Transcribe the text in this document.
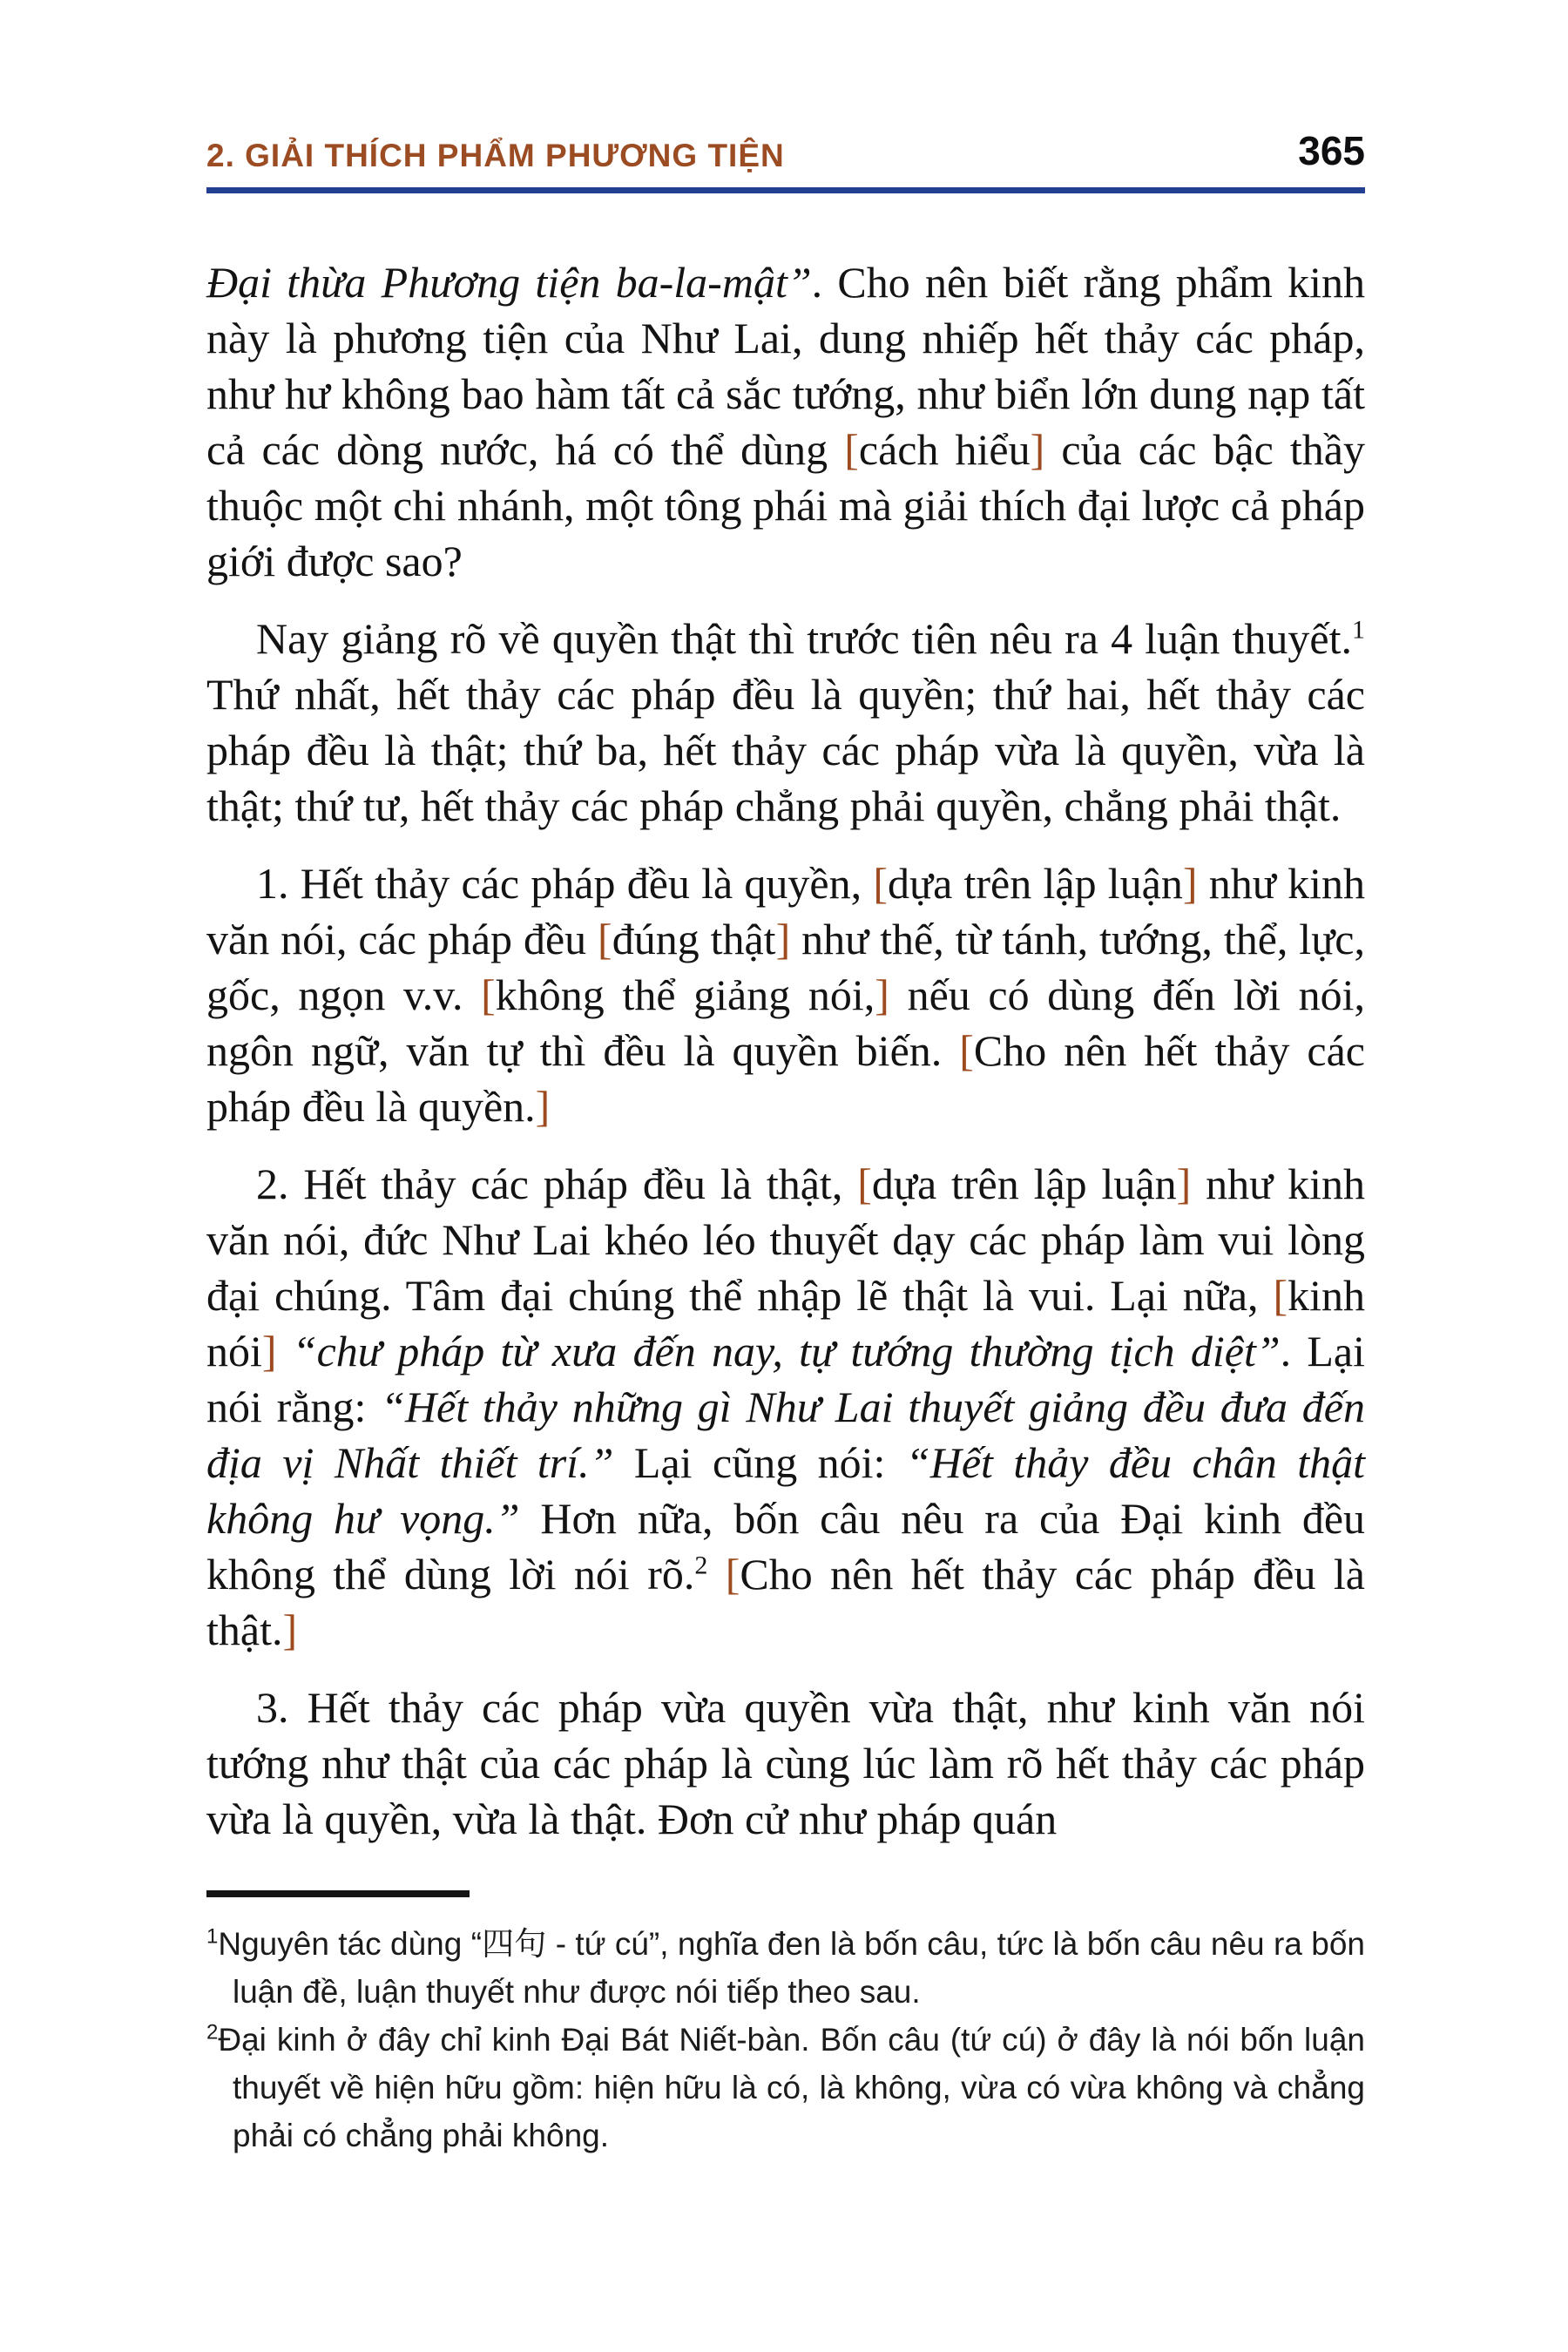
2. GIẢI THÍCH PHẨM PHƯƠNG TIỆN	365

Đại thừa Phương tiện ba-la-mật”. Cho nên biết rằng phẩm kinh này là phương tiện của Như Lai, dung nhiếp hết thảy các pháp, như hư không bao hàm tất cả sắc tướng, như biển lớn dung nạp tất cả các dòng nước, há có thể dùng [cách hiểu] của các bậc thầy thuộc một chi nhánh, một tông phái mà giải thích đại lược cả pháp giới được sao?

Nay giảng rõ về quyền thật thì trước tiên nêu ra 4 luận thuyết.$^1$ Thứ nhất, hết thảy các pháp đều là quyền; thứ hai, hết thảy các pháp đều là thật; thứ ba, hết thảy các pháp vừa là quyền, vừa là thật; thứ tư, hết thảy các pháp chẳng phải quyền, chẳng phải thật.

1. Hết thảy các pháp đều là quyền, [dựa trên lập luận] như kinh văn nói, các pháp đều [đúng thật] như thế, từ tánh, tướng, thể, lực, gốc, ngọn v.v. [không thể giảng nói,] nếu có dùng đến lời nói, ngôn ngữ, văn tự thì đều là quyền biến. [Cho nên hết thảy các pháp đều là quyền.]

2. Hết thảy các pháp đều là thật, [dựa trên lập luận] như kinh văn nói, đức Như Lai khéo léo thuyết dạy các pháp làm vui lòng đại chúng. Tâm đại chúng thể nhập lẽ thật là vui. Lại nữa, [kinh nói] “chư pháp từ xưa đến nay, tự tướng thường tịch diệt”. Lại nói rằng: “Hết thảy những gì Như Lai thuyết giảng đều đưa đến địa vị Nhất thiết trí.” Lại cũng nói: “Hết thảy đều chân thật không hư vọng.” Hơn nữa, bốn câu nêu ra của Đại kinh đều không thể dùng lời nói rõ.$^2$ [Cho nên hết thảy các pháp đều là thật.]

3. Hết thảy các pháp vừa quyền vừa thật, như kinh văn nói tướng như thật của các pháp là cùng lúc làm rõ hết thảy các pháp vừa là quyền, vừa là thật. Đơn cử như pháp quán

$^1$Nguyên tác dùng “四句 - tứ cú”, nghĩa đen là bốn câu, tức là bốn câu nêu ra bốn luận đề, luận thuyết như được nói tiếp theo sau.

$^2$Đại kinh ở đây chỉ kinh Đại Bát Niết-bàn. Bốn câu (tứ cú) ở đây là nói bốn luận thuyết về hiện hữu gồm: hiện hữu là có, là không, vừa có vừa không và chẳng phải có chẳng phải không.
